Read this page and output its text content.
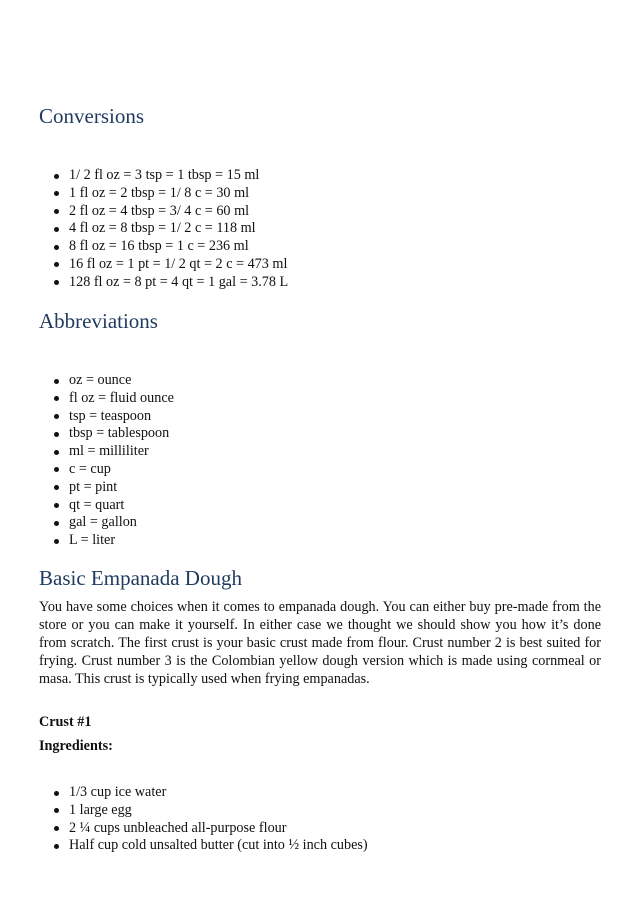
Conversions
1/ 2 fl oz = 3 tsp = 1 tbsp = 15 ml
1 fl oz = 2 tbsp = 1/ 8 c = 30 ml
2 fl oz = 4 tbsp = 3/ 4 c = 60 ml
4 fl oz = 8 tbsp = 1/ 2 c = 118 ml
8 fl oz = 16 tbsp = 1 c = 236 ml
16 fl oz = 1 pt = 1/ 2 qt = 2 c = 473 ml
128 fl oz = 8 pt = 4 qt = 1 gal = 3.78 L
Abbreviations
oz = ounce
fl oz = fluid ounce
tsp = teaspoon
tbsp = tablespoon
ml = milliliter
c = cup
pt = pint
qt = quart
gal = gallon
L = liter
Basic Empanada Dough

You have some choices when it comes to empanada dough. You can either buy pre-made from the store or you can make it yourself. In either case we thought we should show you how it’s done from scratch. The first crust is your basic crust made from flour. Crust number 2 is best suited for frying. Crust number 3 is the Colombian yellow dough version which is made using cornmeal or masa. This crust is typically used when frying empanadas.

Crust #1
Ingredients:
1/3 cup ice water
1 large egg
2 ¼ cups unbleached all-purpose flour
Half cup cold unsalted butter (cut into ½ inch cubes)
